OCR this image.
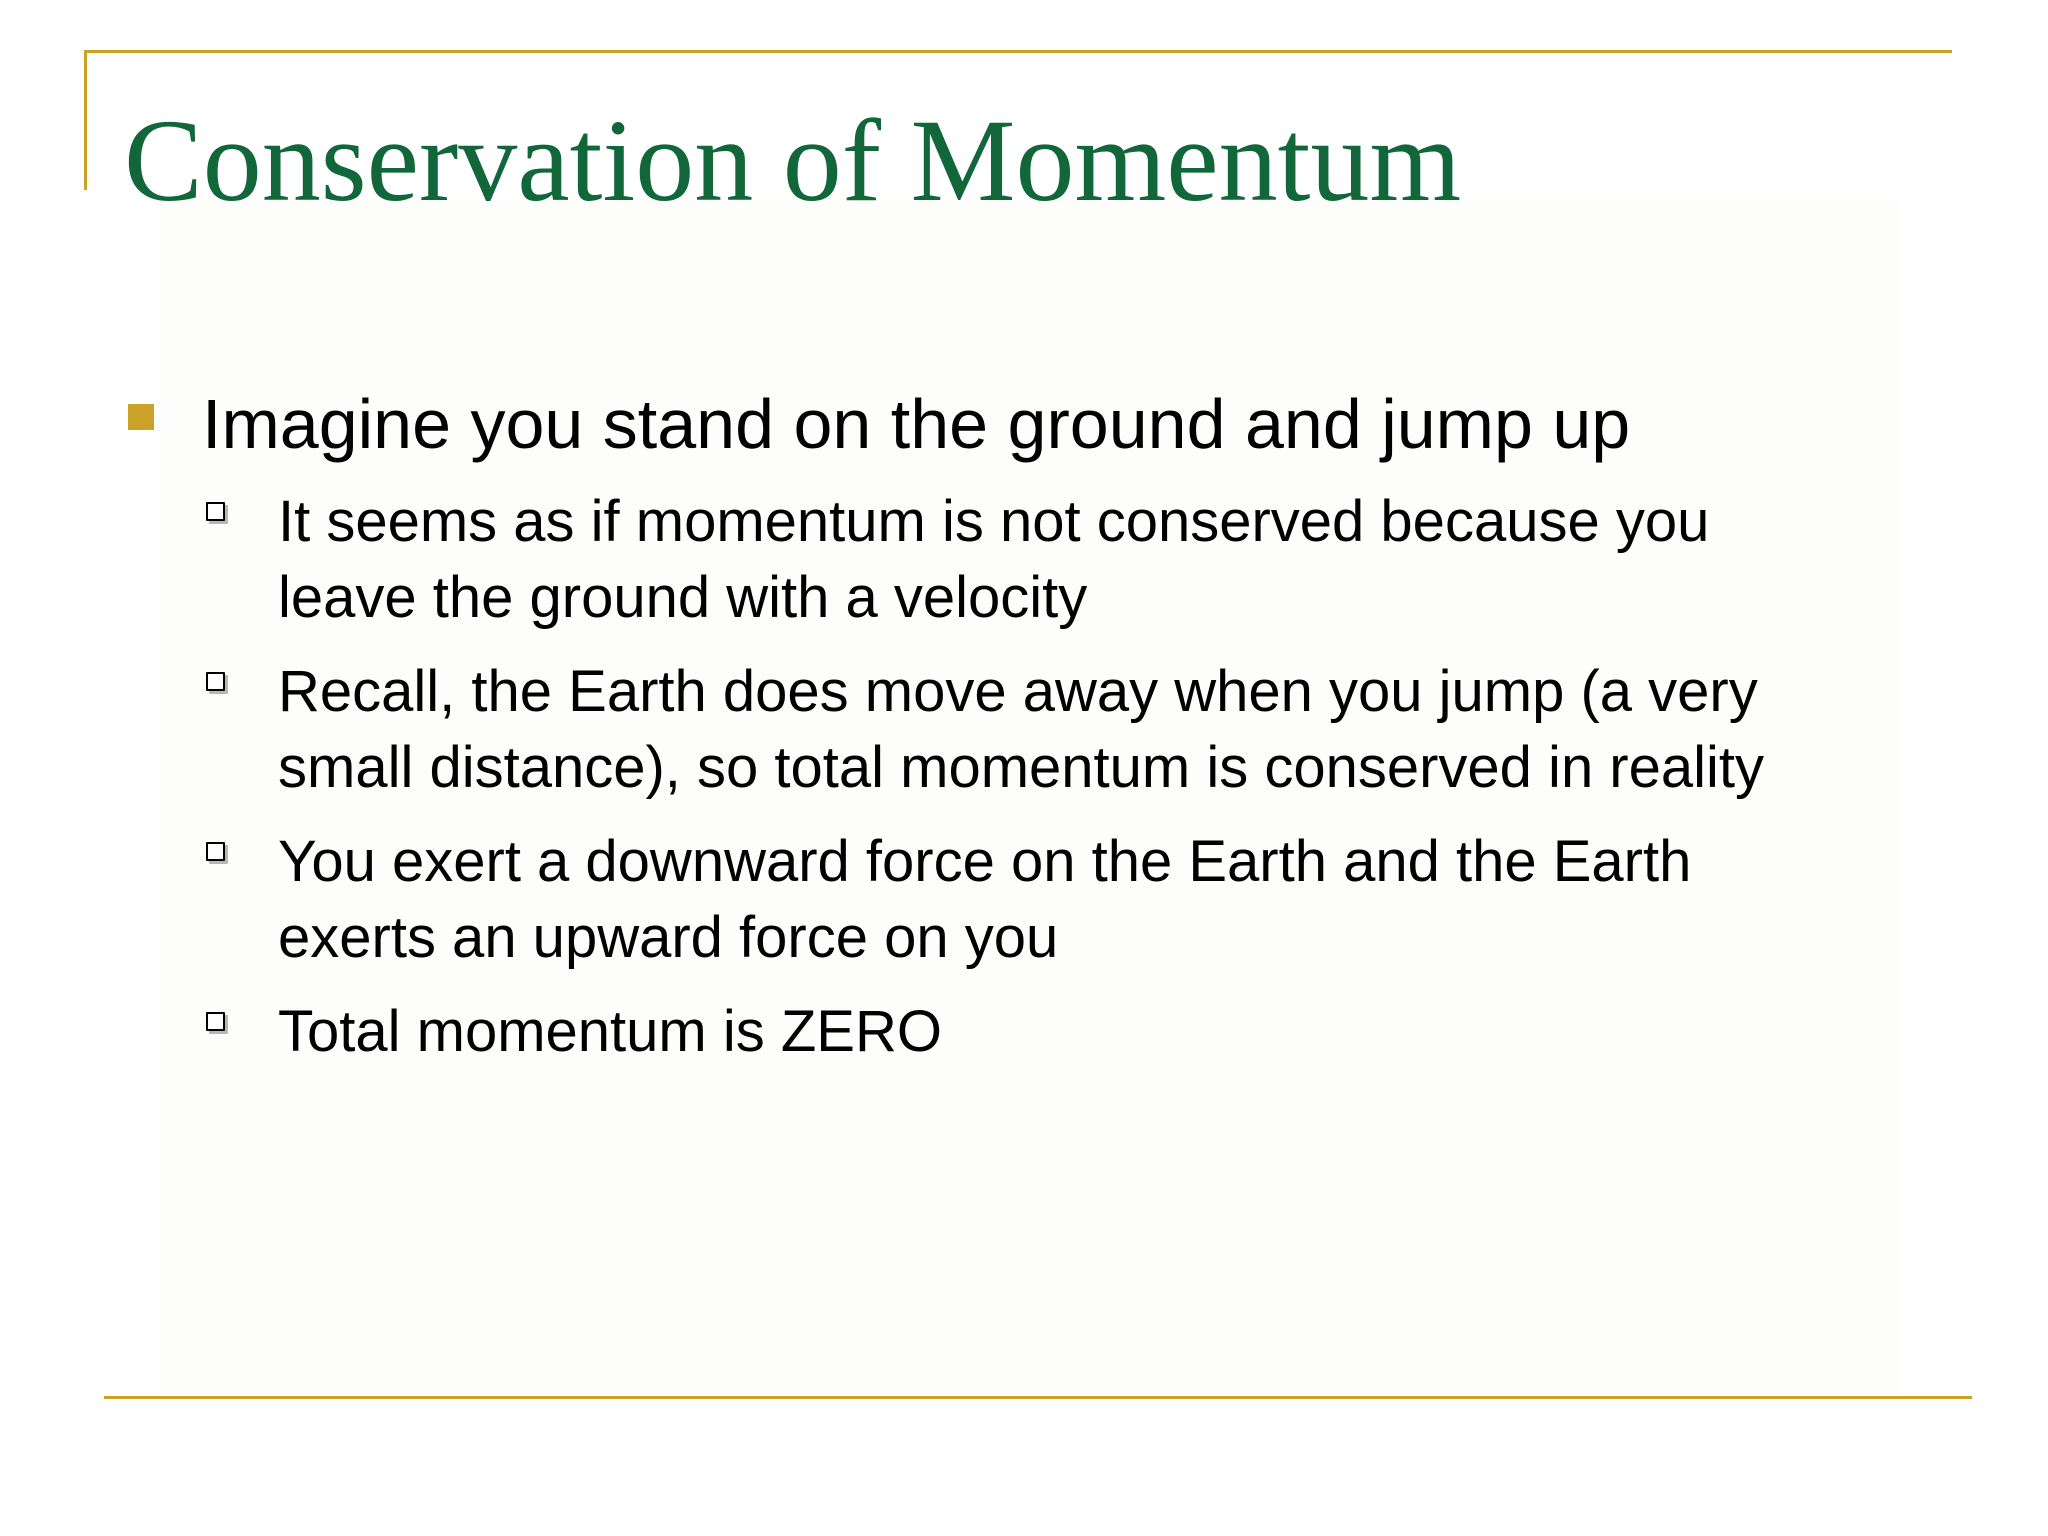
Conservation of Momentum
Imagine you stand on the ground and jump up
It seems as if momentum is not conserved because you leave the ground with a velocity
Recall, the Earth does move away when you jump (a very small distance), so total momentum is conserved in reality
You exert a downward force on the Earth and the Earth exerts an upward force on you
Total momentum is ZERO
